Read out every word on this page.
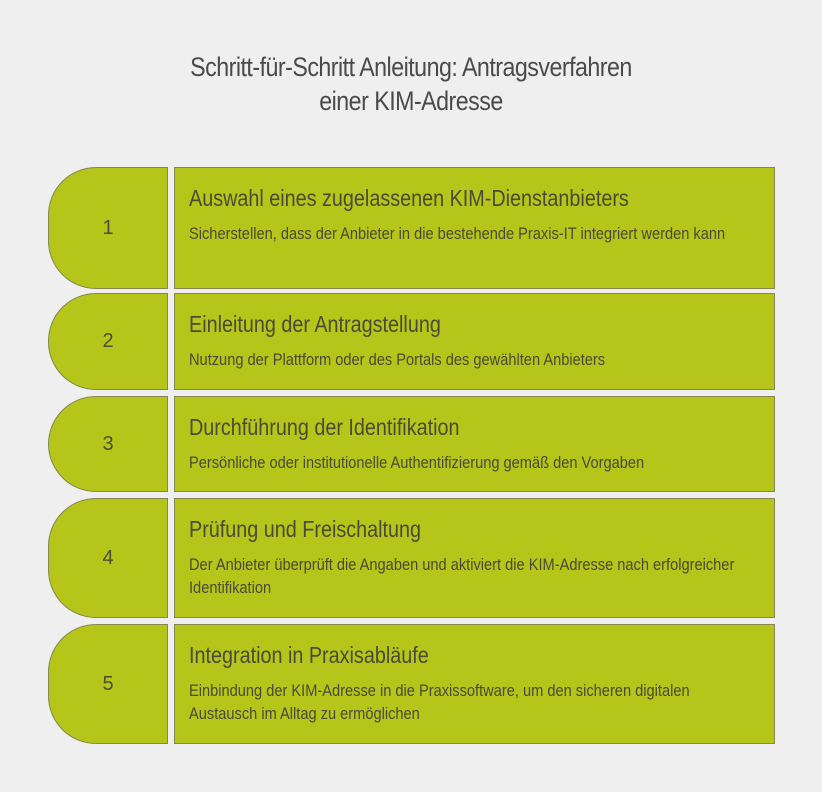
Schritt-für-Schritt Anleitung: Antragsverfahren
einer KIM-Adresse
1
Auswahl eines zugelassenen KIM-Dienstanbieters

Sicherstellen, dass der Anbieter in die bestehende Praxis-IT integriert werden kann

2
Einleitung der Antragstellung

Nutzung der Plattform oder des Portals des gewählten Anbieters

3
Durchführung der Identifikation

Persönliche oder institutionelle Authentifizierung gemäß den Vorgaben

4
Prüfung und Freischaltung

Der Anbieter überprüft die Angaben und aktiviert die KIM-Adresse nach erfolgreicher Identifikation

5
Integration in Praxisabläufe

Einbindung der KIM-Adresse in die Praxissoftware, um den sicheren digitalen Austausch im Alltag zu ermöglichen
